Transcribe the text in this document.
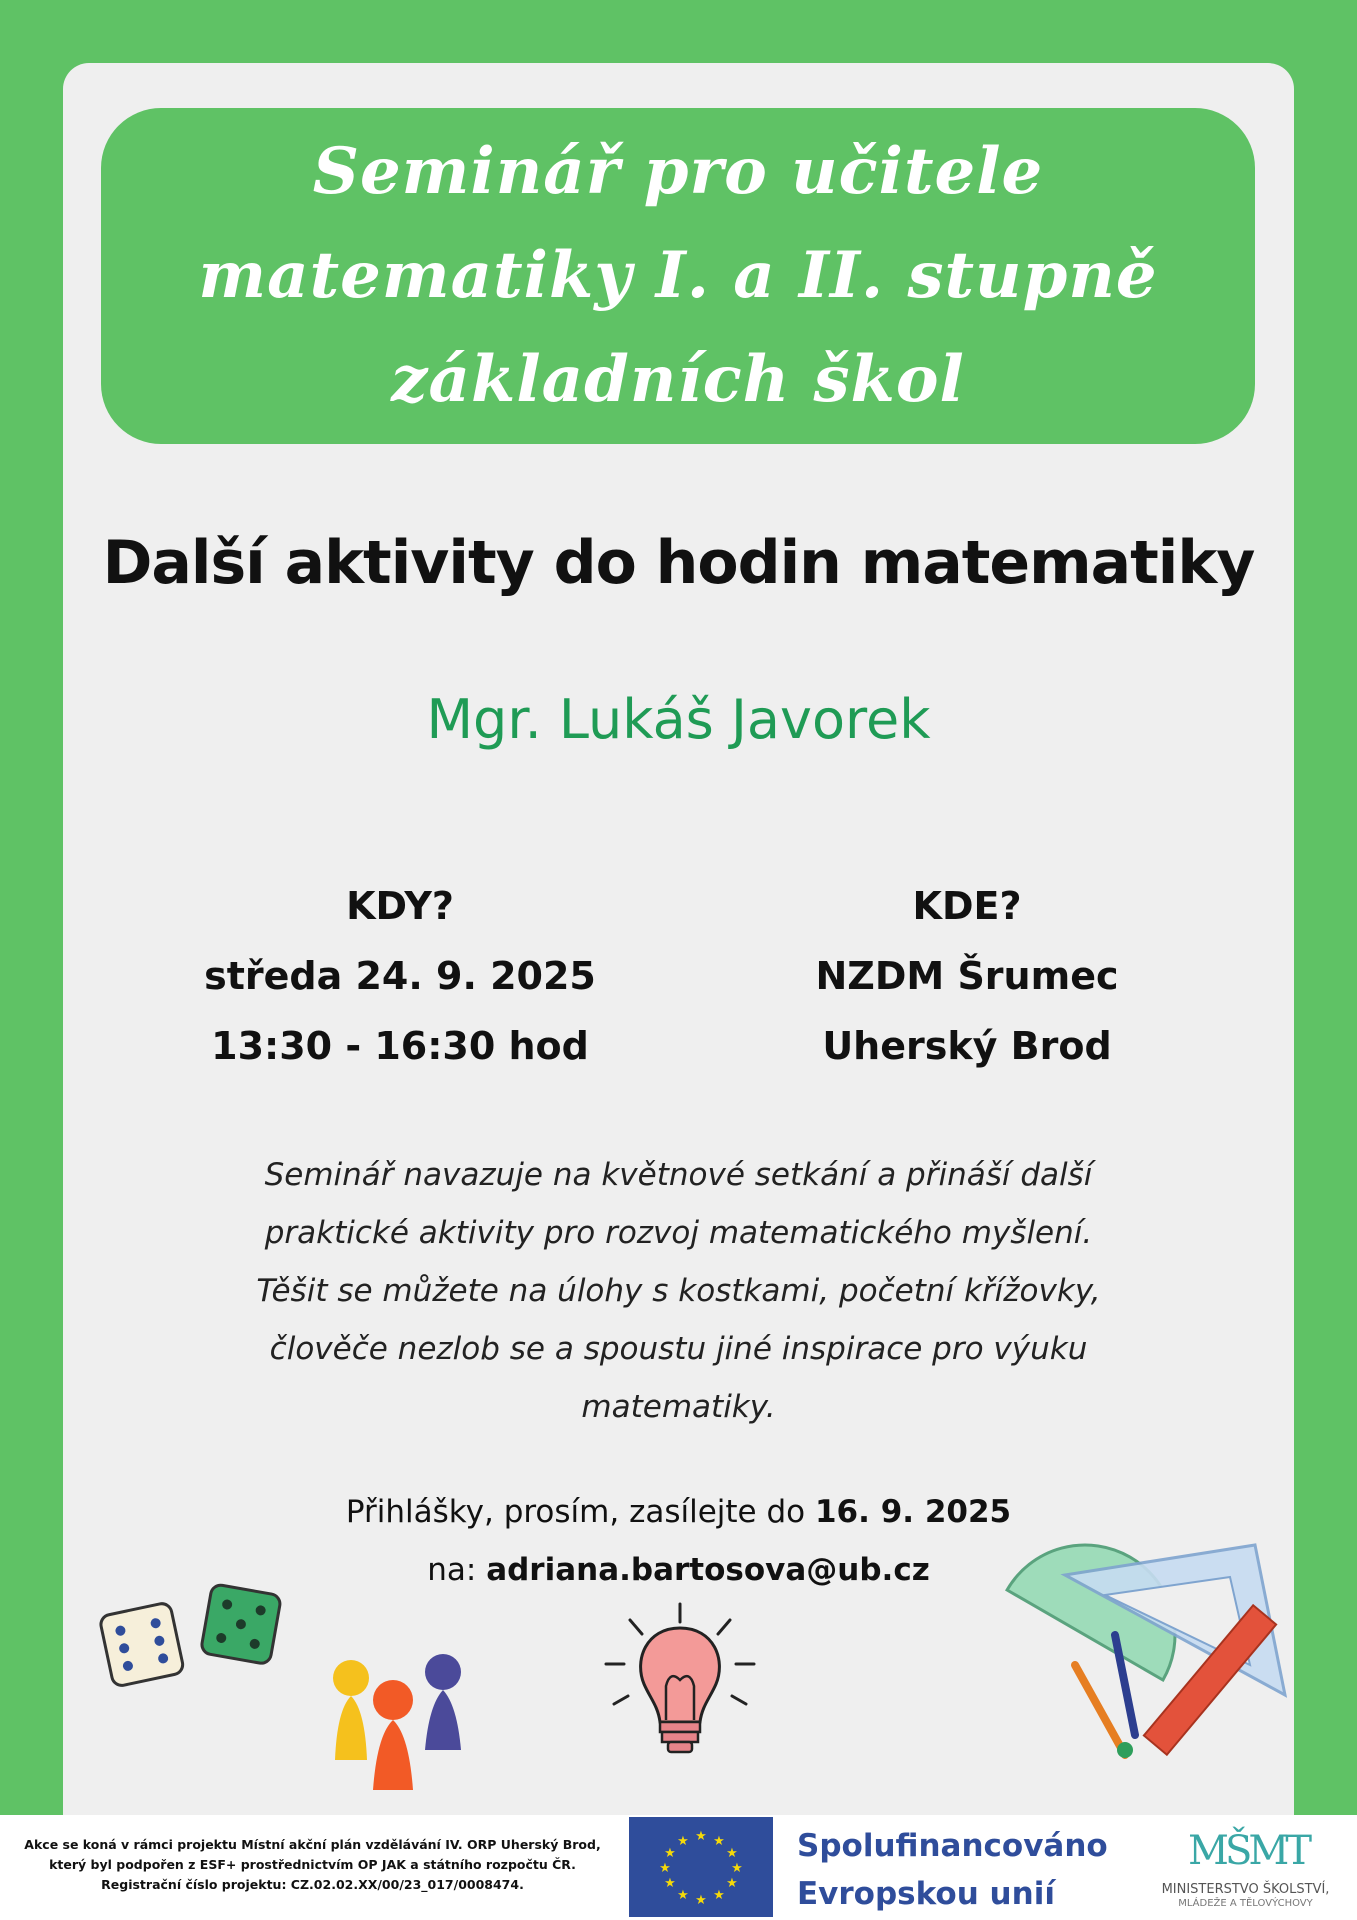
Seminář pro učitele
matematiky I. a II. stupně
základních škol
Další aktivity do hodin matematiky
Mgr. Lukáš Javorek
KDY?
středa 24. 9. 2025
13:30 - 16:30 hod
KDE?
NZDM Šrumec
Uherský Brod
Seminář navazuje na květnové setkání a přináší další
praktické aktivity pro rozvoj matematického myšlení.
Těšit se můžete na úlohy s kostkami, početní křížovky,
člověče nezlob se a spoustu jiné inspirace pro výuku
matematiky.
Přihlášky, prosím, zasílejte do 16. 9. 2025
na: adriana.bartosova@ub.cz
Akce se koná v rámci projektu Místní akční plán vzdělávání IV. ORP Uherský Brod,
který byl podpořen z ESF+ prostřednictvím OP JAK a státního rozpočtu ČR.
Registrační číslo projektu: CZ.02.02.XX/00/23_017/0008474.
★ ★
★
★
★
★
★
★
★
★
★
★	Spolufinancováno
Evropskou unií
MŠMT
MINISTERSTVO ŠKOLSTVÍ,
MLÁDEŽE A TĚLOVÝCHOVY
